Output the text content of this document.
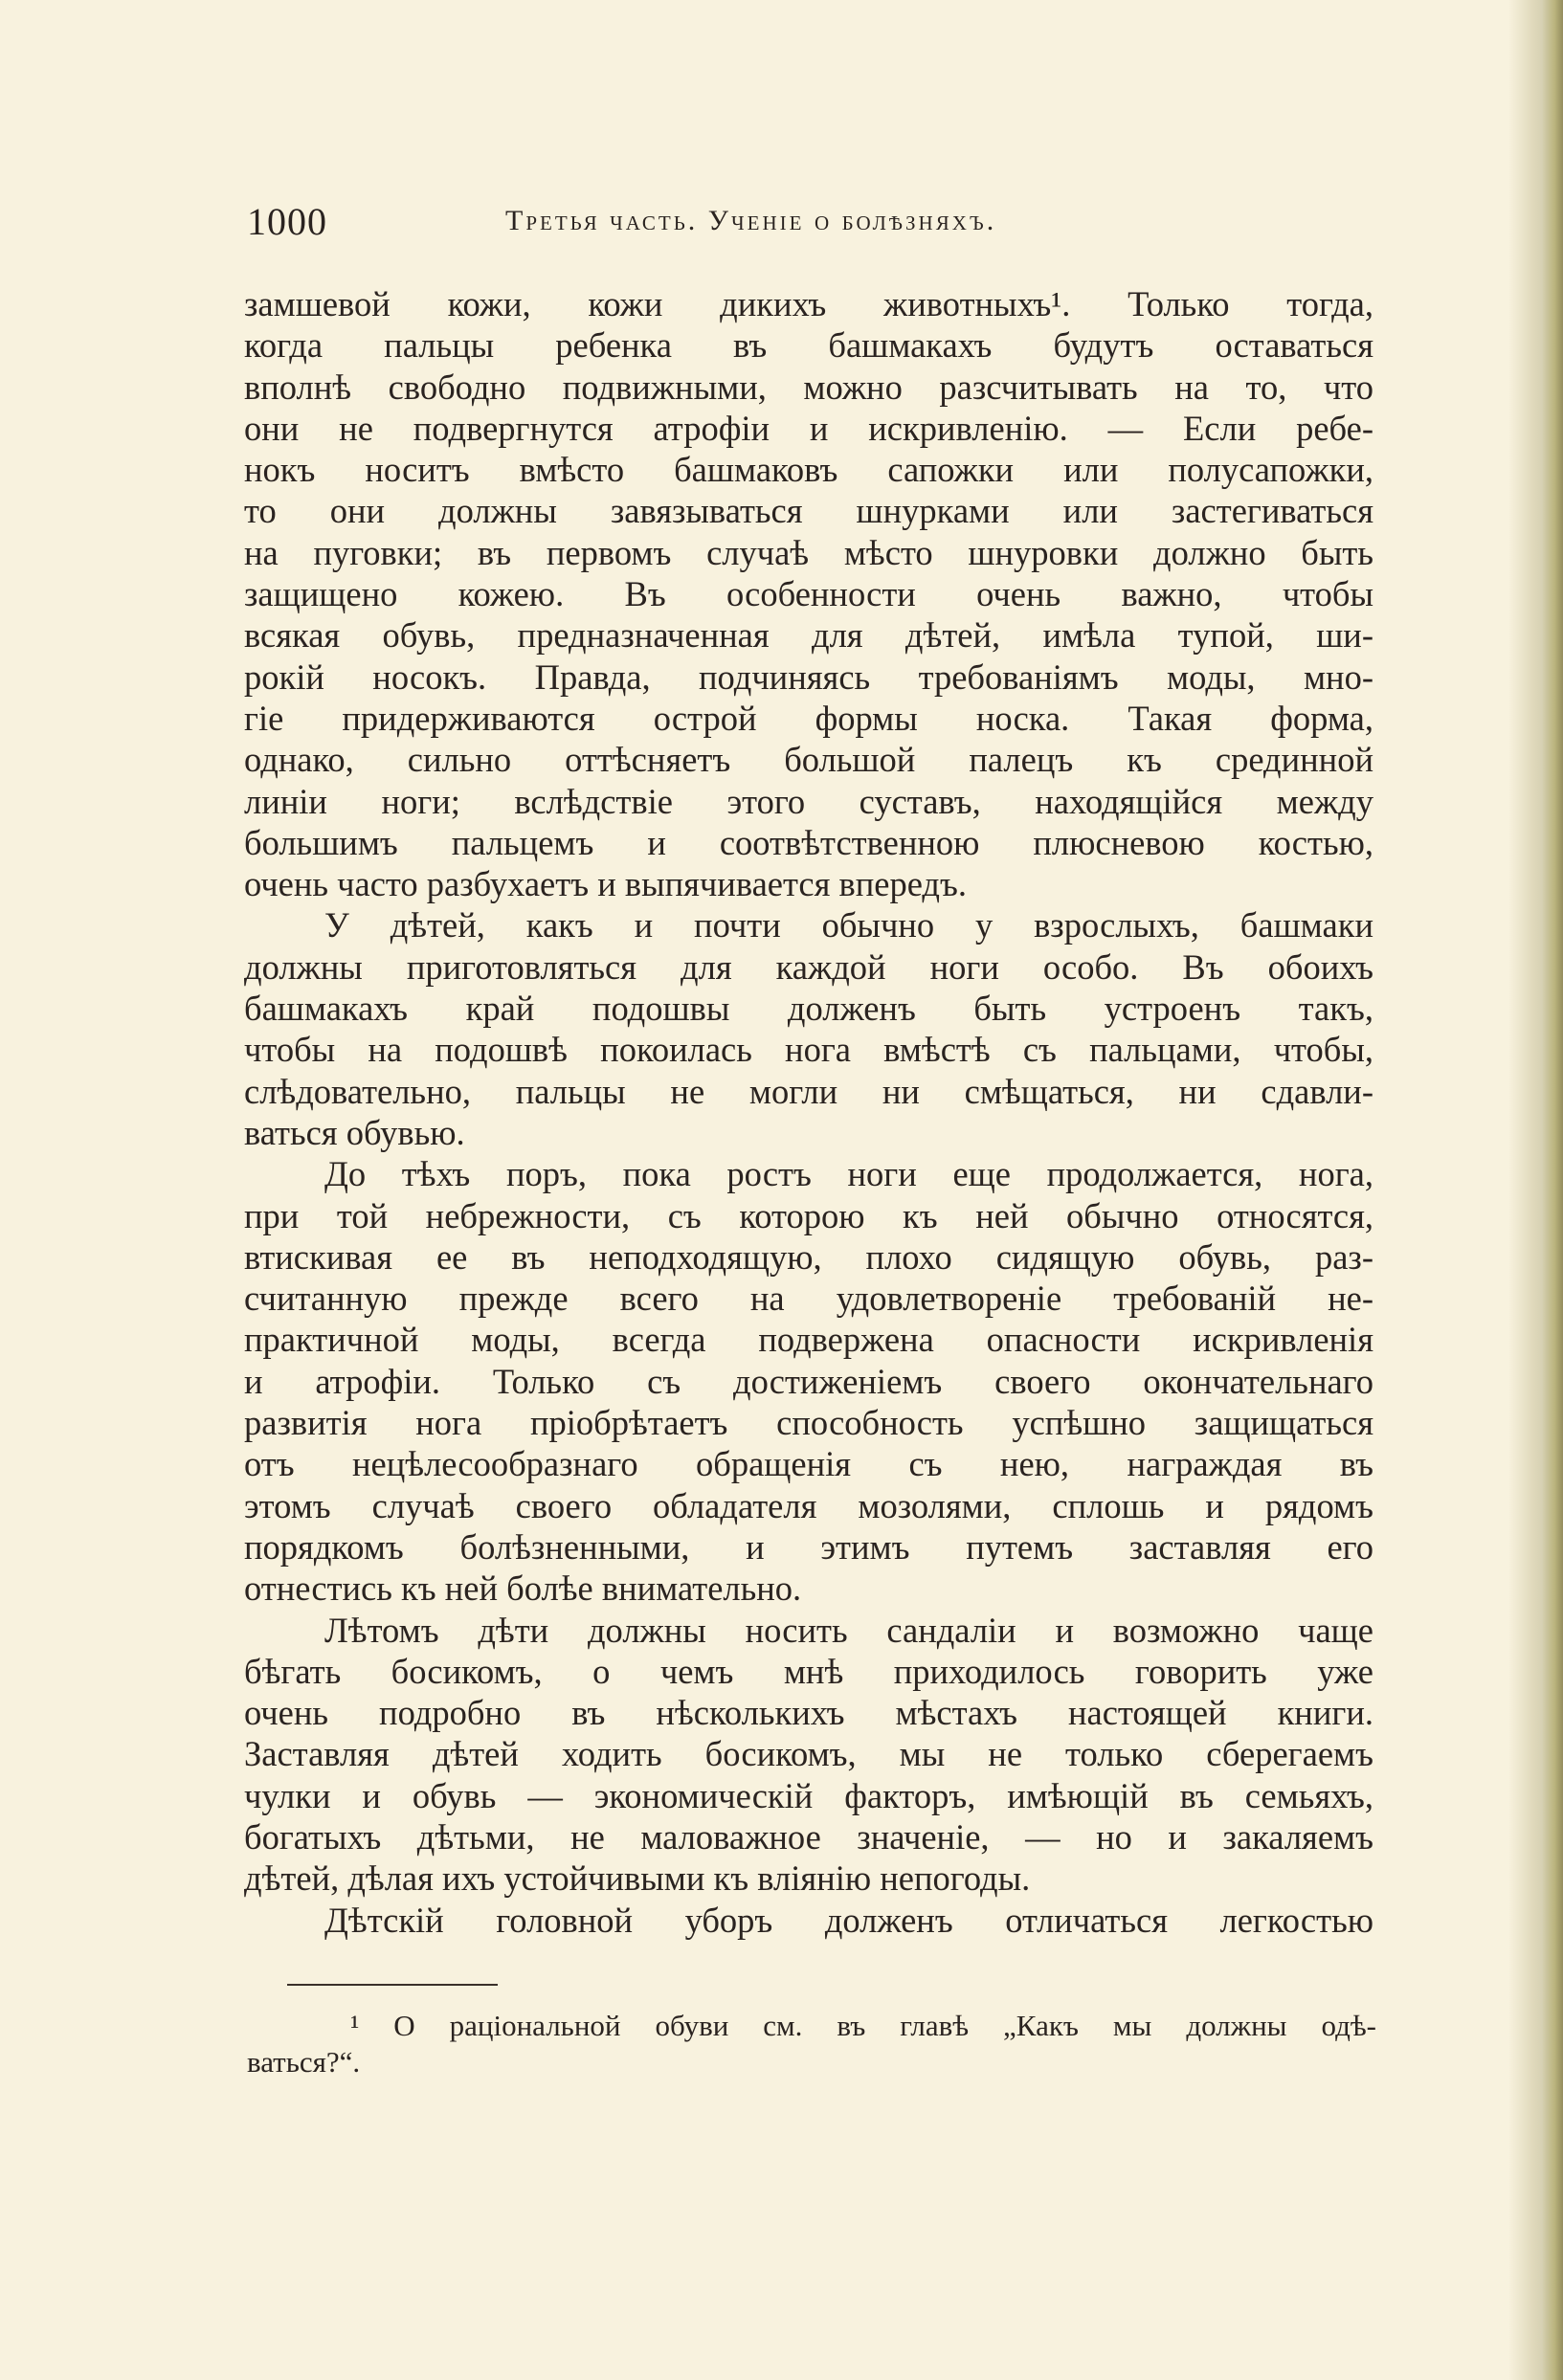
1000	Третья часть. Ученiе о болѣзняхъ.
замшевой кожи, кожи дикихъ животныхъ¹. Только тогда,
когда пальцы ребенка въ башмакахъ будутъ оставаться
вполнѣ свободно подвижными, можно разсчитывать на то, что
они не подвергнутся атрофiи и искривленiю. — Если ребе-
нокъ носитъ вмѣсто башмаковъ сапожки или полусапожки,
то они должны завязываться шнурками или застегиваться
на пуговки; въ первомъ случаѣ мѣсто шнуровки должно быть
защищено кожею. Въ особенности очень важно, чтобы
всякая обувь, предназначенная для дѣтей, имѣла тупой, ши-
рокiй носокъ. Правда, подчиняясь требованiямъ моды, мно-
гiе придерживаются острой формы носка. Такая форма,
однако, сильно оттѣсняетъ большой палецъ къ срединной
линiи ноги; вслѣдствiе этого суставъ, находящiйся между
большимъ пальцемъ и соотвѣтственною плюсневою костью,
очень часто разбухаетъ и выпячивается впередъ.
У дѣтей, какъ и почти обычно у взрослыхъ, башмаки
должны приготовляться для каждой ноги особо. Въ обоихъ
башмакахъ край подошвы долженъ быть устроенъ такъ,
чтобы на подошвѣ покоилась нога вмѣстѣ съ пальцами, чтобы,
слѣдовательно, пальцы не могли ни смѣщаться, ни сдавли-
ваться обувью.
До тѣхъ поръ, пока ростъ ноги еще продолжается, нога,
при той небрежности, съ которою къ ней обычно относятся,
втискивая ее въ неподходящую, плохо сидящую обувь, раз-
считанную прежде всего на удовлетворенiе требованiй не-
практичной моды, всегда подвержена опасности искривленiя
и атрофiи. Только съ достиженiемъ своего окончательнаго
развитiя нога прiобрѣтаетъ способность успѣшно защищаться
отъ нецѣлесообразнаго обращенiя съ нею, награждая въ
этомъ случаѣ своего обладателя мозолями, сплошь и рядомъ
порядкомъ болѣзненными, и этимъ путемъ заставляя его
отнестись къ ней болѣе внимательно.
Лѣтомъ дѣти должны носить сандалiи и возможно чаще
бѣгать босикомъ, о чемъ мнѣ приходилось говорить уже
очень подробно въ нѣсколькихъ мѣстахъ настоящей книги.
Заставляя дѣтей ходить босикомъ, мы не только сберегаемъ
чулки и обувь — экономическiй факторъ, имѣющiй въ семьяхъ,
богатыхъ дѣтьми, не маловажное значенiе, — но и закаляемъ
дѣтей, дѣлая ихъ устойчивыми къ влiянiю непогоды.
Дѣтскiй головной уборъ долженъ отличаться легкостью
¹ О рацiональной обуви см. въ главѣ „Какъ мы должны одѣ-
ваться?“.
